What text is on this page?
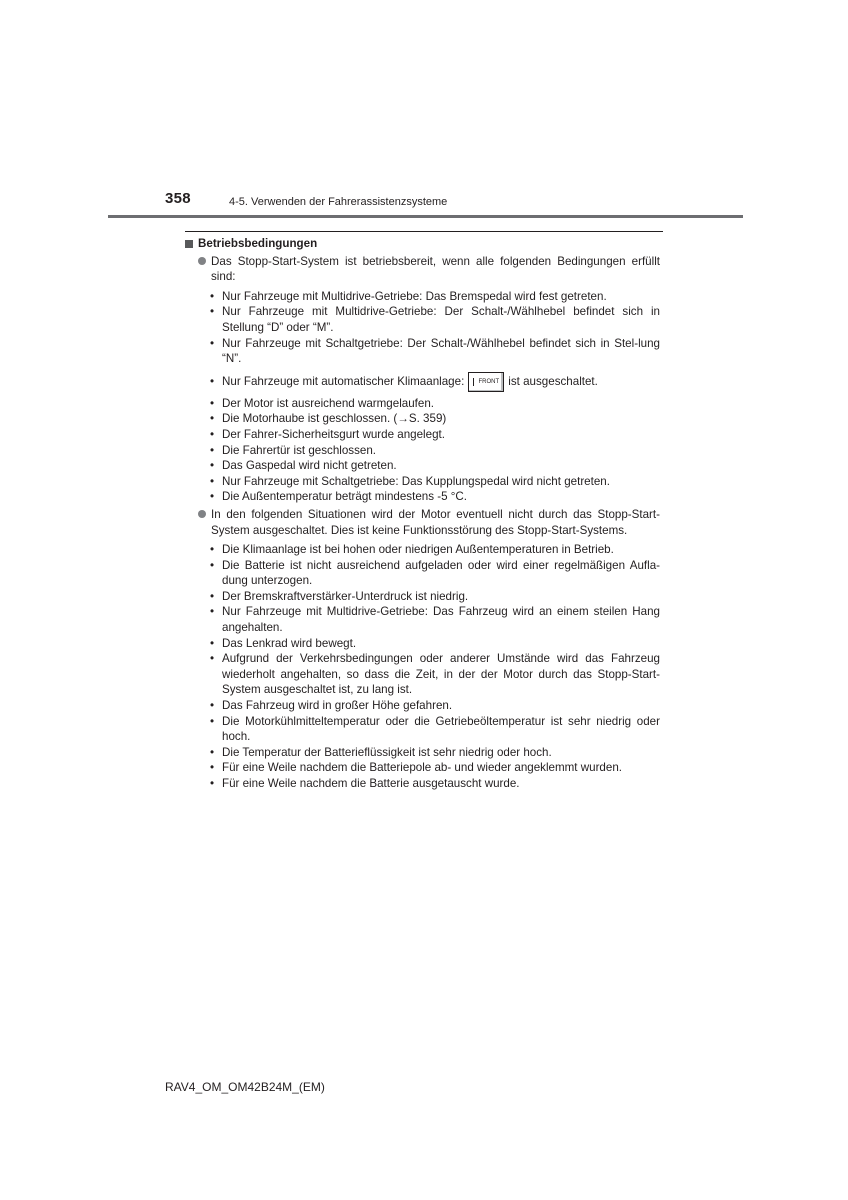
358	4-5. Verwenden der Fahrerassistenzsysteme
Betriebsbedingungen
Das Stopp-Start-System ist betriebsbereit, wenn alle folgenden Bedingungen erfüllt sind:
• Nur Fahrzeuge mit Multidrive-Getriebe: Das Bremspedal wird fest getreten.
• Nur Fahrzeuge mit Multidrive-Getriebe: Der Schalt-/Wählhebel befindet sich in Stellung “D” oder “M”.
• Nur Fahrzeuge mit Schaltgetriebe: Der Schalt-/Wählhebel befindet sich in Stel-lung “N”.
• Nur Fahrzeuge mit automatischer Klimaanlage: FRONT ist ausgeschaltet.
• Der Motor ist ausreichend warmgelaufen.
• Die Motorhaube ist geschlossen. (→S. 359)
• Der Fahrer-Sicherheitsgurt wurde angelegt.
• Die Fahrertür ist geschlossen.
• Das Gaspedal wird nicht getreten.
• Nur Fahrzeuge mit Schaltgetriebe: Das Kupplungspedal wird nicht getreten.
• Die Außentemperatur beträgt mindestens -5 °C.
In den folgenden Situationen wird der Motor eventuell nicht durch das Stopp-Start-System ausgeschaltet. Dies ist keine Funktionsstörung des Stopp-Start-Systems.
• Die Klimaanlage ist bei hohen oder niedrigen Außentemperaturen in Betrieb.
• Die Batterie ist nicht ausreichend aufgeladen oder wird einer regelmäßigen Aufla-dung unterzogen.
• Der Bremskraftverstärker-Unterdruck ist niedrig.
• Nur Fahrzeuge mit Multidrive-Getriebe: Das Fahrzeug wird an einem steilen Hang angehalten.
• Das Lenkrad wird bewegt.
• Aufgrund der Verkehrsbedingungen oder anderer Umstände wird das Fahrzeug wiederholt angehalten, so dass die Zeit, in der der Motor durch das Stopp-Start-System ausgeschaltet ist, zu lang ist.
• Das Fahrzeug wird in großer Höhe gefahren.
• Die Motorkühlmitteltemperatur oder die Getriebeöltemperatur ist sehr niedrig oder hoch.
• Die Temperatur der Batterieflüssigkeit ist sehr niedrig oder hoch.
• Für eine Weile nachdem die Batteriepole ab- und wieder angeklemmt wurden.
• Für eine Weile nachdem die Batterie ausgetauscht wurde.
RAV4_OM_OM42B24M_(EM)
